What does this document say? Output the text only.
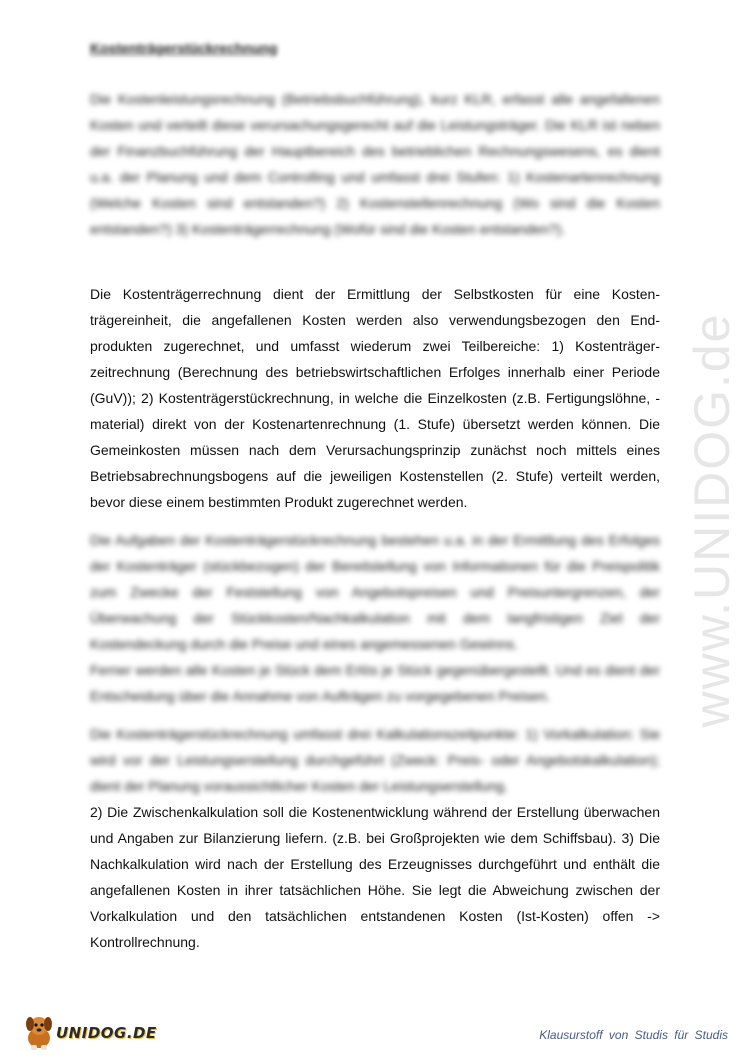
www.UNIDOG.de
Kostenträgerstückrechnung
Die Kostenleistungsrechnung (Betriebsbuchführung), kurz KLR, erfasst alle angefallenen Kosten und verteilt diese verursachungsgerecht auf die Leistungsträger. Die KLR ist neben der Finanzbuchführung der Hauptbereich des betrieblichen Rechnungswesens, es dient u.a. der Planung und dem Controlling und umfasst drei Stufen: 1) Kostenartenrechnung (Welche Kosten sind entstanden?) 2) Kostenstellenrechnung (Wo sind die Kosten entstanden?) 3) Kostenträgerrechnung (Wofür sind die Kosten entstanden?).
Die Kostenträgerrechnung dient der Ermittlung der Selbstkosten für eine Kostenträgereinheit, die angefallenen Kosten werden also verwendungsbezogen den Endprodukten zugerechnet, und umfasst wiederum zwei Teilbereiche: 1) Kostenträgerzeitrechnung (Berechnung des betriebswirtschaftlichen Erfolges innerhalb einer Periode (GuV)); 2) Kostenträgerstückrechnung, in welche die Einzelkosten (z.B. Fertigungslöhne, -material) direkt von der Kostenartenrechnung (1. Stufe) übersetzt werden können. Die Gemeinkosten müssen nach dem Verursachungsprinzip zunächst noch mittels eines Betriebsabrechnungsbogens auf die jeweiligen Kostenstellen (2. Stufe) verteilt werden, bevor diese einem bestimmten Produkt zugerechnet werden.
Die Aufgaben der Kostenträgerstückrechnung bestehen u.a. in der Ermittlung des Erfolges der Kostenträger (stückbezogen) der Bereitstellung von Informationen für die Preispolitik zum Zwecke der Feststellung von Angebotspreisen und Preisuntergrenzen, der Überwachung der Stückkosten/Nachkalkulation mit dem langfristigen Ziel der Kostendeckung durch die Preise und eines angemessenen Gewinns.
Ferner werden alle Kosten je Stück dem Erlös je Stück gegenübergestellt. Und es dient der Entscheidung über die Annahme von Aufträgen zu vorgegebenen Preisen.
Die Kostenträgerstückrechnung umfasst drei Kalkulationszeitpunkte: 1) Vorkalkulation: Sie wird vor der Leistungserstellung durchgeführt (Zweck: Preis- oder Angebotskalkulation); dient der Planung voraussichtlicher Kosten der Leistungserstellung.
2) Die Zwischenkalkulation soll die Kostenentwicklung während der Erstellung überwachen und Angaben zur Bilanzierung liefern. (z.B. bei Großprojekten wie dem Schiffsbau). 3) Die Nachkalkulation wird nach der Erstellung des Erzeugnisses durchgeführt und enthält die angefallenen Kosten in ihrer tatsächlichen Höhe. Sie legt die Abweichung zwischen der Vorkalkulation und den tatsächlichen entstandenen Kosten (Ist-Kosten) offen -> Kontrollrechnung.
UNIDOG.DE	Klausurstoff von Studis für Studis
